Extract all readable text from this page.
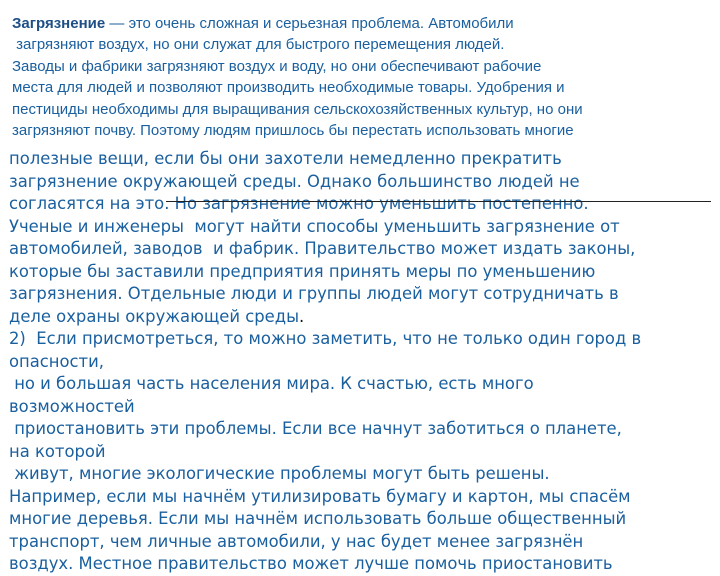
Загрязнение — это очень сложная и серьезная проблема. Автомобили
загрязняют воздух, но они служат для быстрого перемещения людей.
Заводы и фабрики загрязняют воздух и воду, но они обеспечивают рабочие
места для людей и позволяют производить необходимые товары. Удобрения и
пестициды необходимы для выращивания сельскохозяйственных культур, но они
загрязняют почву. Поэтому людям пришлось бы перестать использовать многие
полезные вещи, если бы они захотели немедленно прекратить
загрязнение окружающей среды. Однако большинство людей не
согласятся на это. Но загрязнение можно уменьшить постепенно.
Ученые и инженеры  могут найти способы уменьшить загрязнение от
автомобилей, заводов  и фабрик. Правительство может издать законы,
которые бы заставили предприятия принять меры по уменьшению
загрязнения. Отдельные люди и группы людей могут сотрудничать в
деле охраны окружающей среды.
2)  Если присмотреться, то можно заметить, что не только один город в
опасности,
но и большая часть населения мира. К счастью, есть много
возможностей
приостановить эти проблемы. Если все начнут заботиться о планете,
на которой
живут, многие экологические проблемы могут быть решены.
Например, если мы начнём утилизировать бумагу и картон, мы спасём
многие деревья. Если мы начнём использовать больше общественный
транспорт, чем личные автомобили, у нас будет менее загрязнён
воздух. Местное правительство может лучше помочь приостановить
